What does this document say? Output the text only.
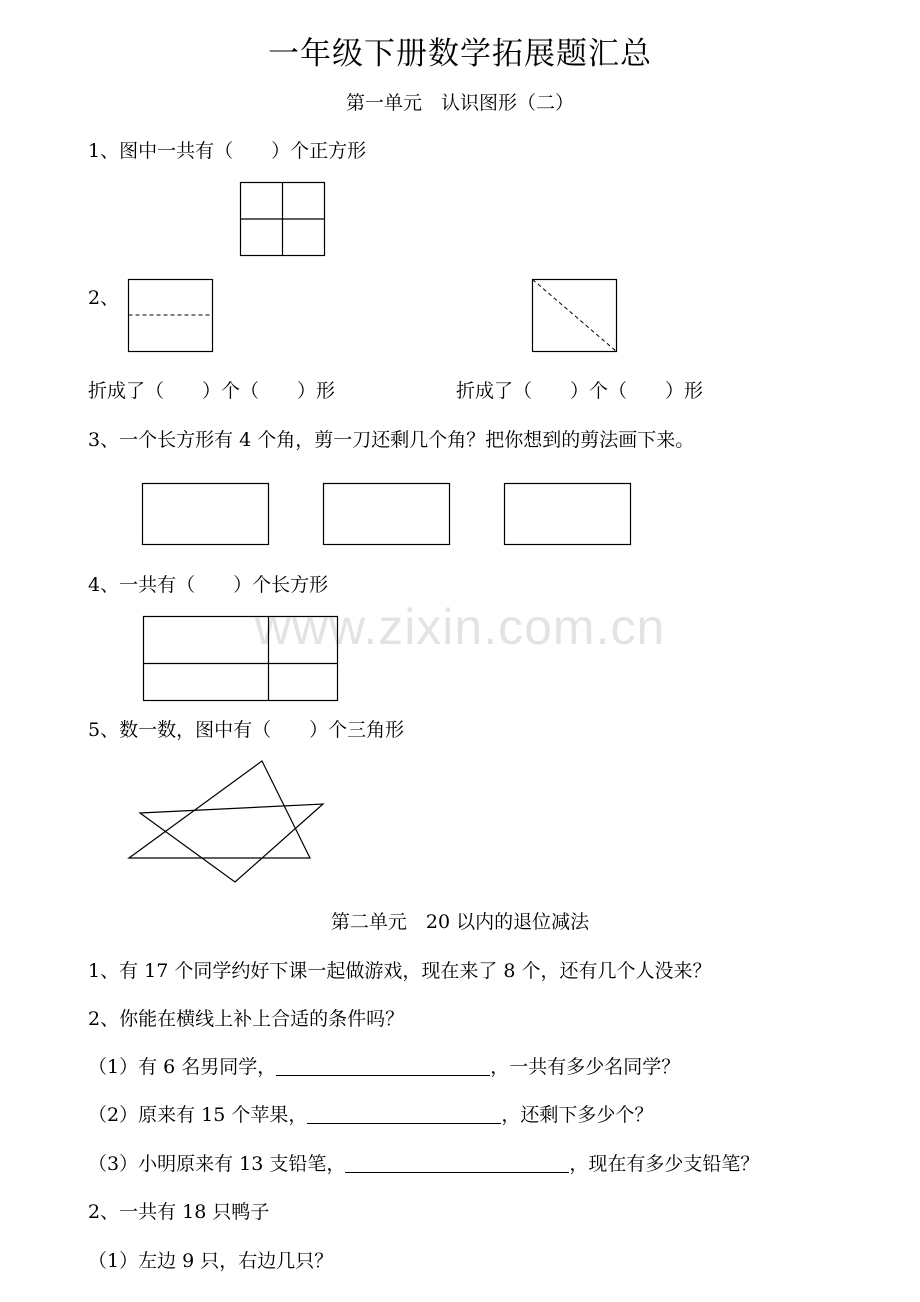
一年级下册数学拓展题汇总
第一单元　认识图形（二）
1、图中一共有（　　）个正方形
2、
折成了（　　）个（　　）形	折成了（　　）个（　　）形
3、一个长方形有 4 个角，剪一刀还剩几个角？把你想到的剪法画下来。
4、一共有（　　）个长方形
5、数一数，图中有（　　）个三角形
第二单元　20 以内的退位减法
1、有 17 个同学约好下课一起做游戏，现在来了 8 个，还有几个人没来？
2、你能在横线上补上合适的条件吗？
（1）有 6 名男同学，	，一共有多少名同学？
（2）原来有 15 个苹果，	，还剩下多少个？
（3）小明原来有 13 支铅笔，	，现在有多少支铅笔？
2、一共有 18 只鸭子
（1）左边 9 只，右边几只？
www.zixin.com.cn
